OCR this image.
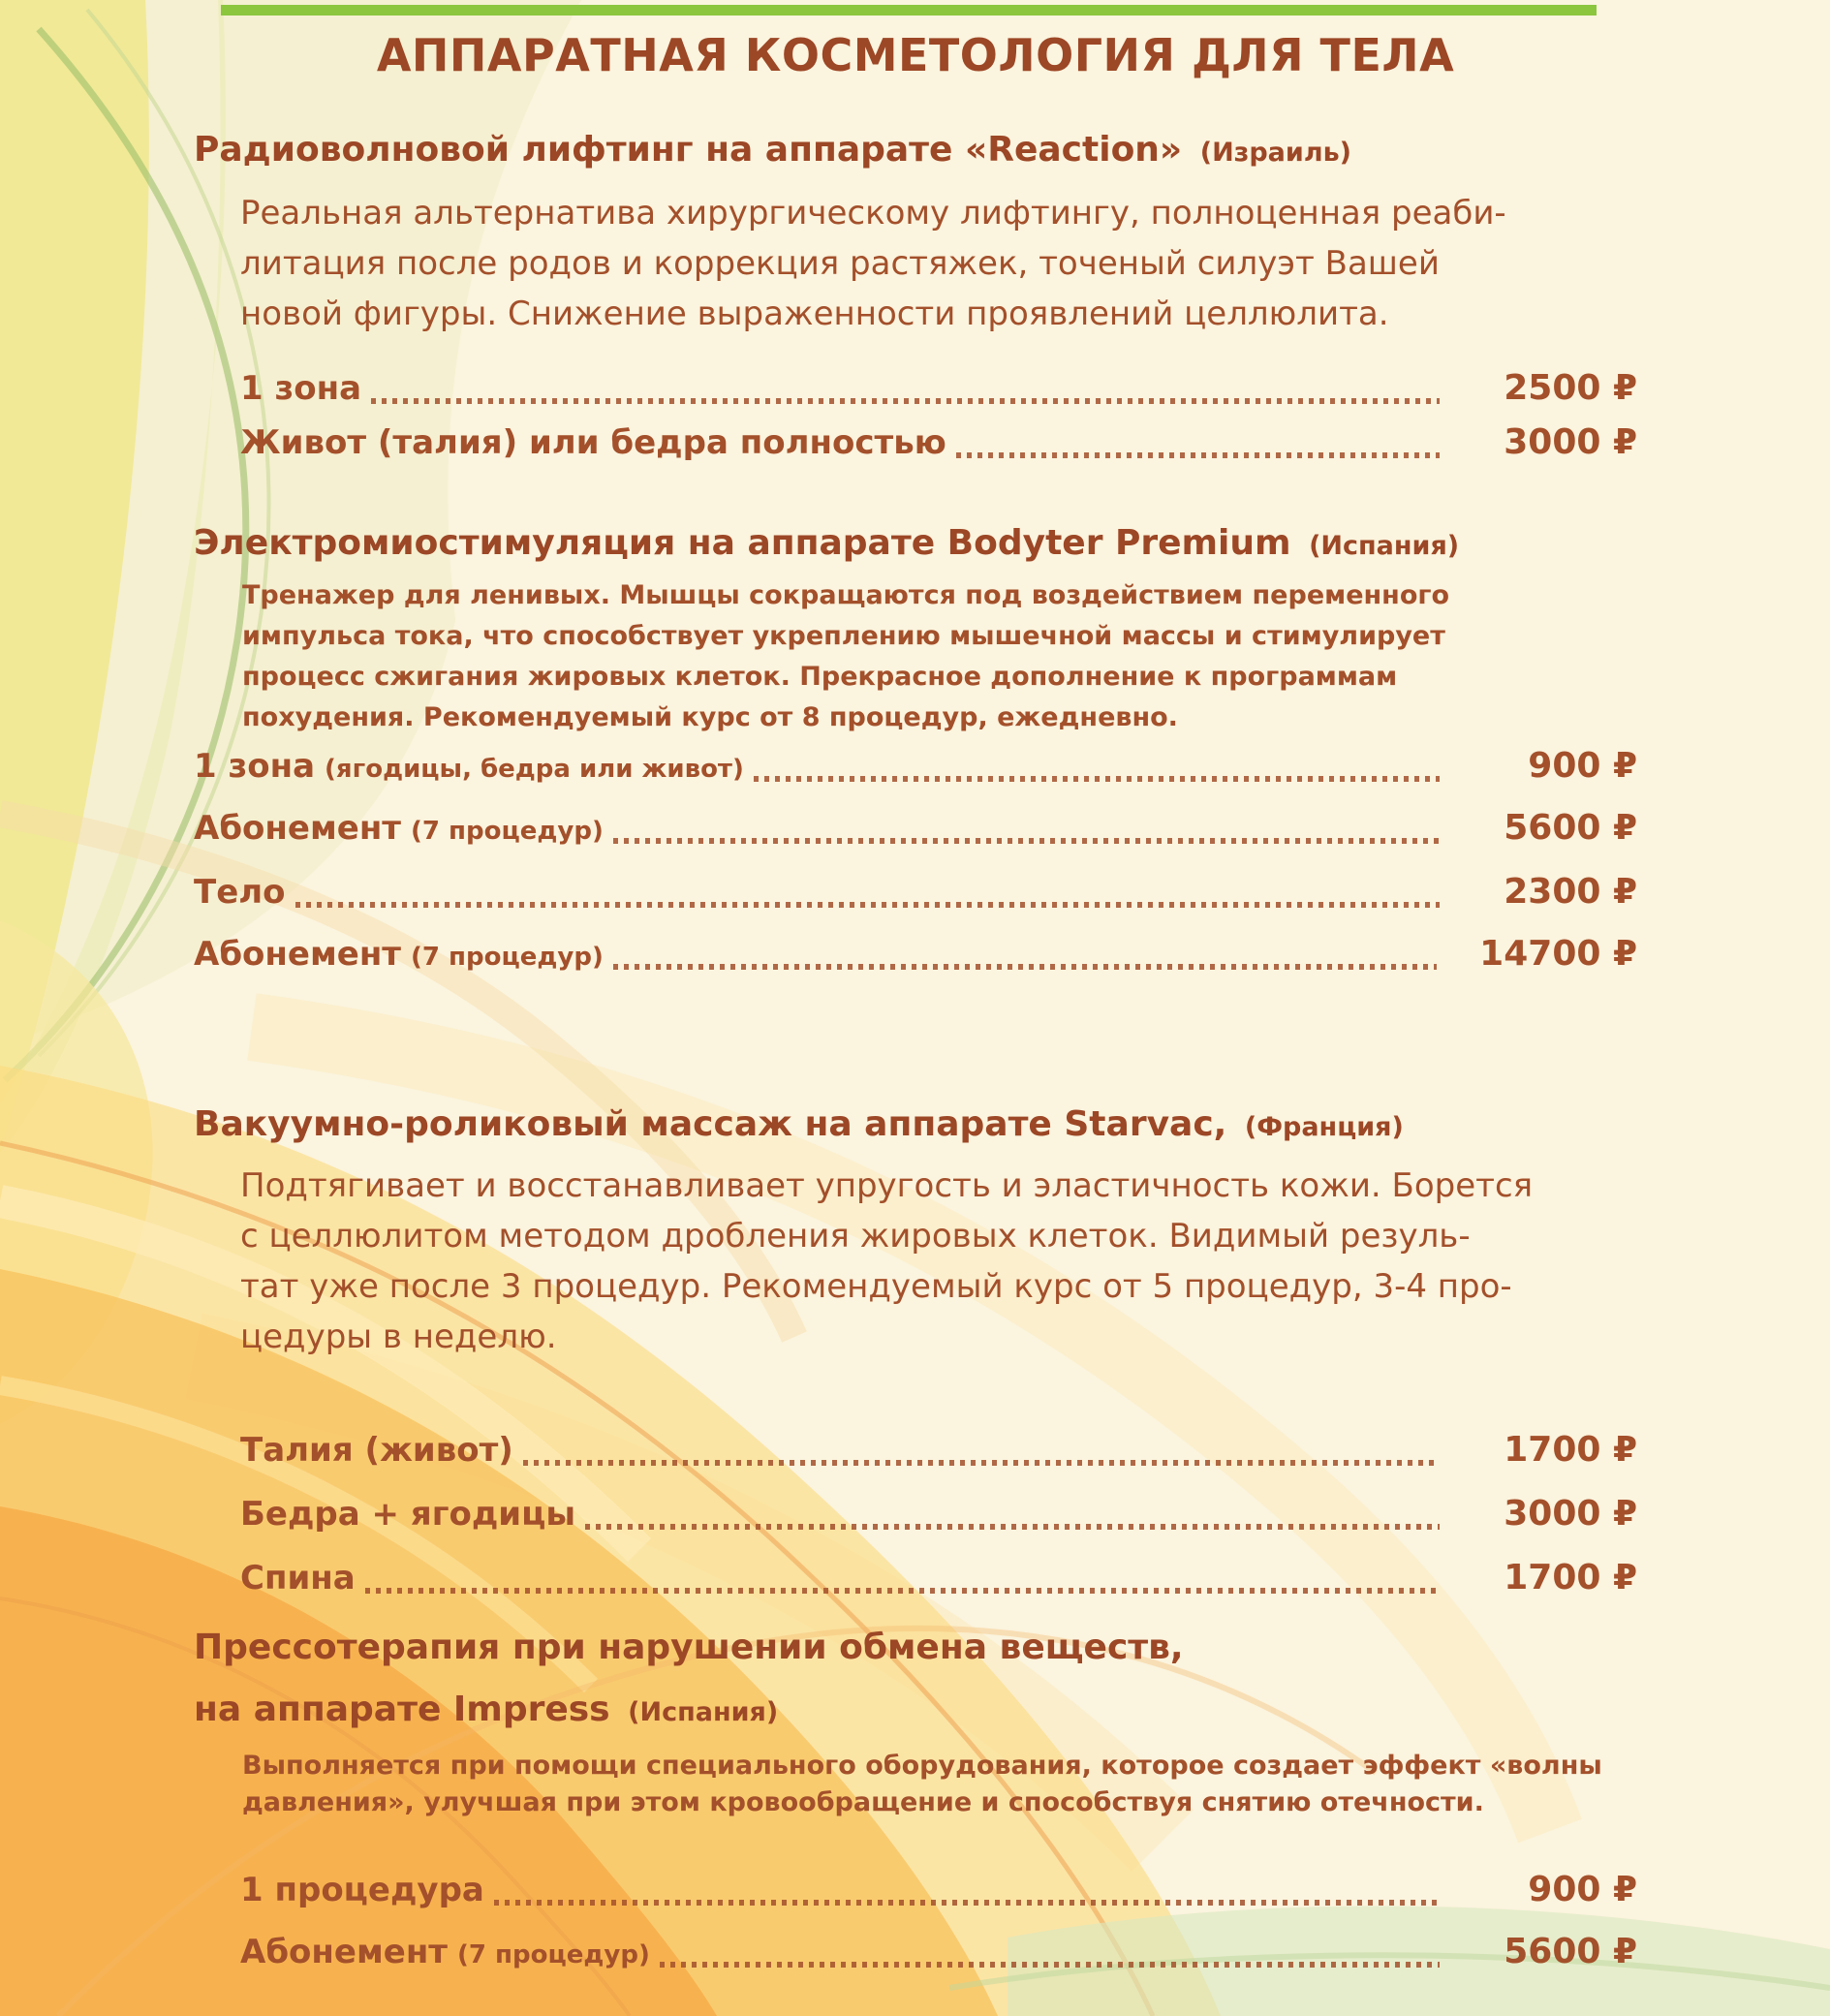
АППАРАТНАЯ КОСМЕТОЛОГИЯ ДЛЯ ТЕЛА
Радиоволновой лифтинг на аппарате «Reaction» (Израиль)
Реальная альтернатива хирургическому лифтингу, полноценная реаби-
литация после родов и коррекция растяжек, точеный силуэт Вашей
новой фигуры. Снижение выраженности проявлений целлюлита.
1 зона	2500 ₽
Живот (талия) или бедра полностью	3000 ₽
Электромиостимуляция на аппарате Bodyter Premium (Испания)
Тренажер для ленивых. Мышцы сокращаются под воздействием переменного
импульса тока, что способствует укреплению мышечной массы и стимулирует
процесс сжигания жировых клеток. Прекрасное дополнение к программам
похудения. Рекомендуемый курс от 8 процедур, ежедневно.
1 зона (ягодицы, бедра или живот)	900 ₽
Абонемент (7 процедур)	5600 ₽
Тело	2300 ₽
Абонемент (7 процедур)	14700 ₽
Вакуумно-роликовый массаж на аппарате Starvac, (Франция)
Подтягивает и восстанавливает упругость и эластичность кожи. Борется
с целлюлитом методом дробления жировых клеток. Видимый резуль-
тат уже после 3 процедур. Рекомендуемый курс от 5 процедур, 3-4 про-
цедуры в неделю.
Талия (живот)	1700 ₽
Бедра + ягодицы	3000 ₽
Спина	1700 ₽
Прессотерапия при нарушении обмена веществ,
на аппарате Impress (Испания)
Выполняется при помощи специального оборудования, которое создает эффект «волны
давления», улучшая при этом кровообращение и способствуя снятию отечности.
1 процедура	900 ₽
Абонемент (7 процедур)	5600 ₽
